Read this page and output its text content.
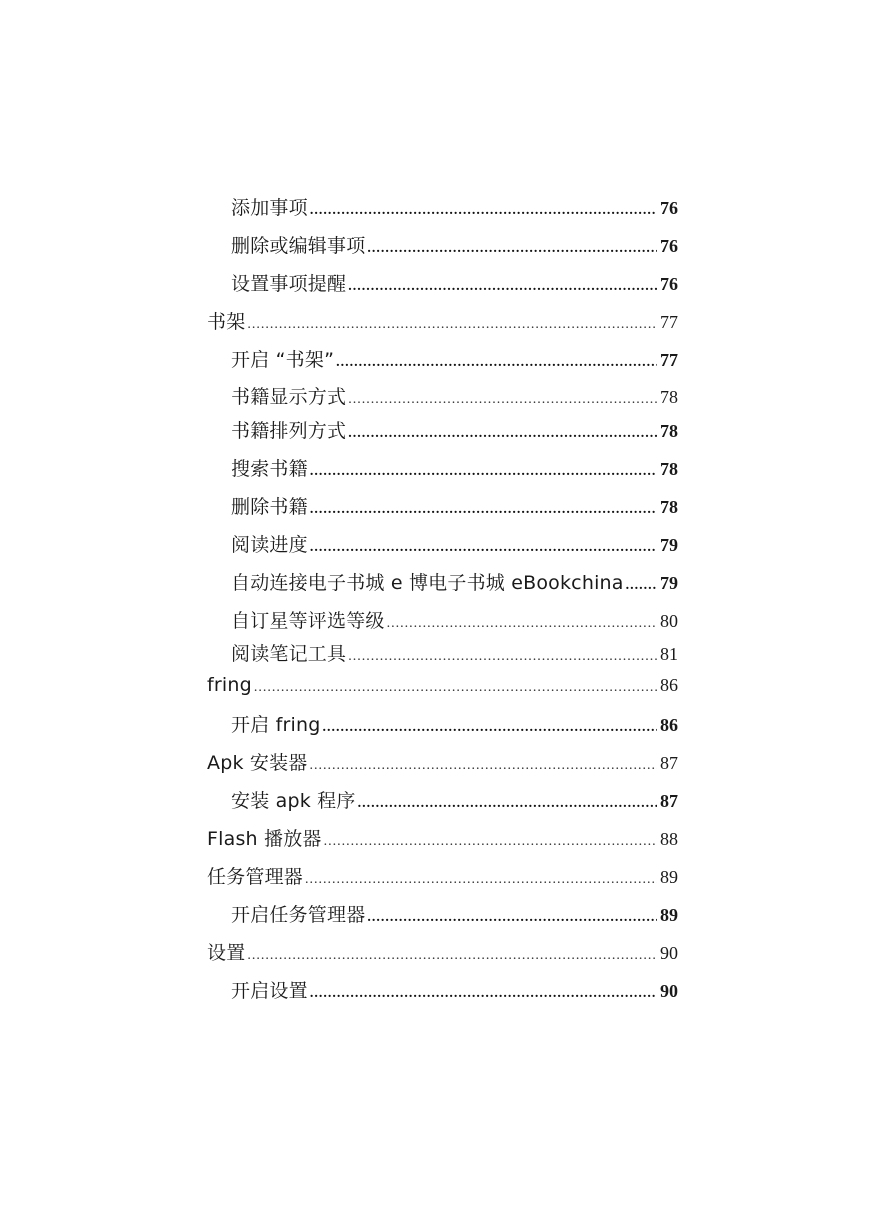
添加事项 .....	76
删除或编辑事项 .....	76
设置事项提醒 .....	76
书架 .....	77
开启 “书架” .....	77
书籍显示方式 .....	78
书籍排列方式 .....	78
搜索书籍 .....	78
删除书籍 .....	78
阅读进度 .....	79
自动连接电子书城 e 博电子书城 eBookchina ..... 79
自订星等评选等级 .....	80
阅读笔记工具 .....	81
fring .....	86
开启 fring .....	86
Apk 安装器 .....	87
安装 apk 程序 .....	87
Flash 播放器 .....	88
任务管理器 .....	89
开启任务管理器 .....	89
设置 .....	90
开启设置 .....	90
